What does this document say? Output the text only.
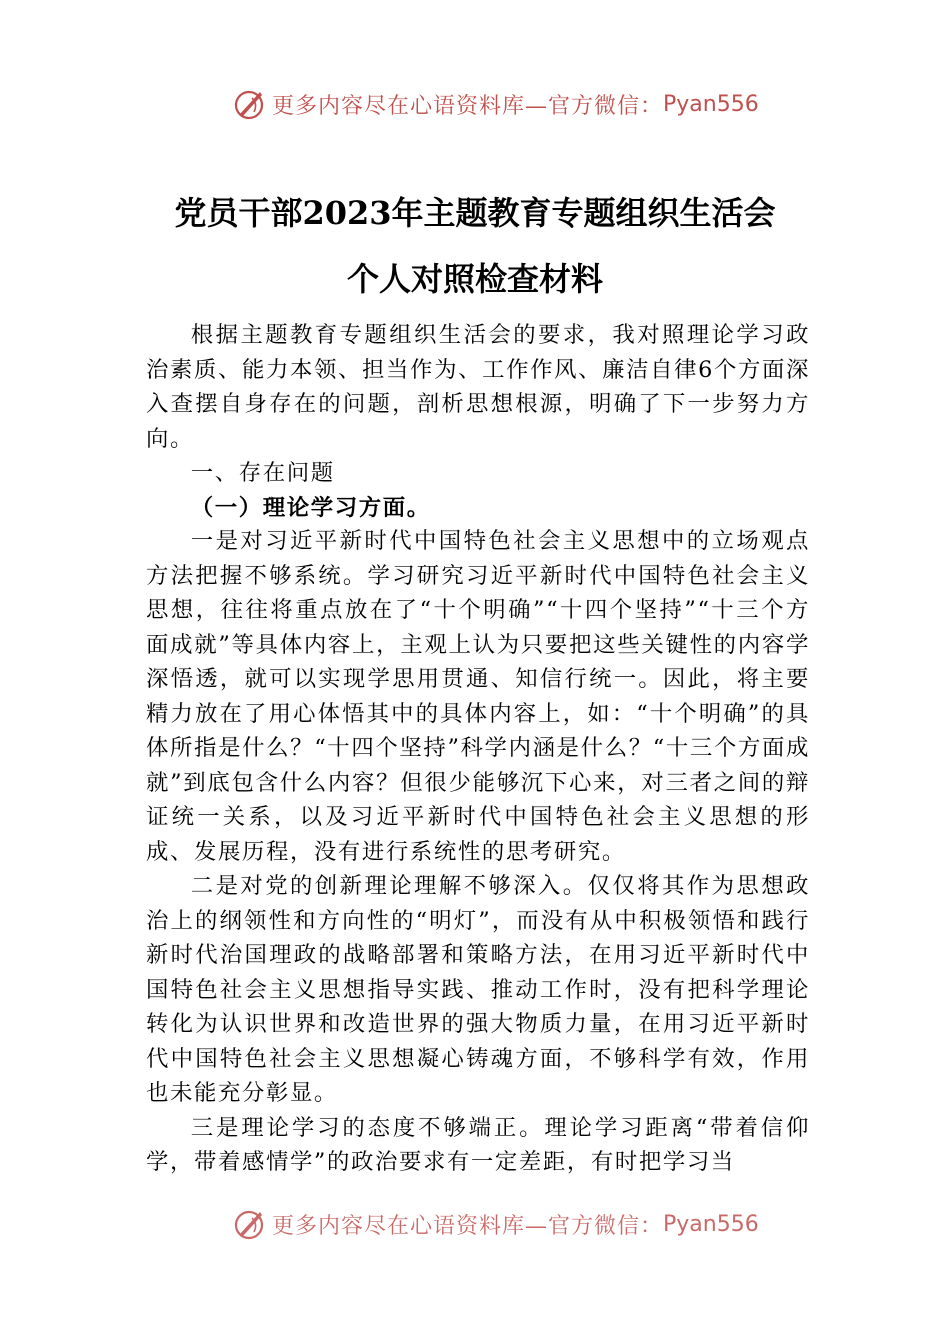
更多内容尽在心语资料库—官方微信： Pyan556
党员干部2023年主题教育专题组织生活会
个人对照检查材料

根据主题教育专题组织生活会的要求，我对照理论学习政治素质、能力本领、担当作为、工作作风、廉洁自律6个方面深入查摆自身存在的问题，剖析思想根源，明确了下一步努力方向。

一、存在问题

（一）理论学习方面。

一是对习近平新时代中国特色社会主义思想中的立场观点方法把握不够系统。学习研究习近平新时代中国特色社会主义思想，往往将重点放在了“十个明确”“十四个坚持”“十三个方面成就”等具体内容上，主观上认为只要把这些关键性的内容学深悟透，就可以实现学思用贯通、知信行统一。因此，将主要精力放在了用心体悟其中的具体内容上，如：“十个明确”的具体所指是什么？“十四个坚持”科学内涵是什么？“十三个方面成就”到底包含什么内容？但很少能够沉下心来，对三者之间的辩证统一关系，以及习近平新时代中国特色社会主义思想的形成、发展历程，没有进行系统性的思考研究。

二是对党的创新理论理解不够深入。仅仅将其作为思想政治上的纲领性和方向性的“明灯”，而没有从中积极领悟和践行新时代治国理政的战略部署和策略方法，在用习近平新时代中国特色社会主义思想指导实践、推动工作时，没有把科学理论转化为认识世界和改造世界的强大物质力量，在用习近平新时代中国特色社会主义思想凝心铸魂方面，不够科学有效，作用也未能充分彰显。

三是理论学习的态度不够端正。理论学习距离“带着信仰学，带着感情学”的政治要求有一定差距，有时把学习当

更多内容尽在心语资料库—官方微信： Pyan556
